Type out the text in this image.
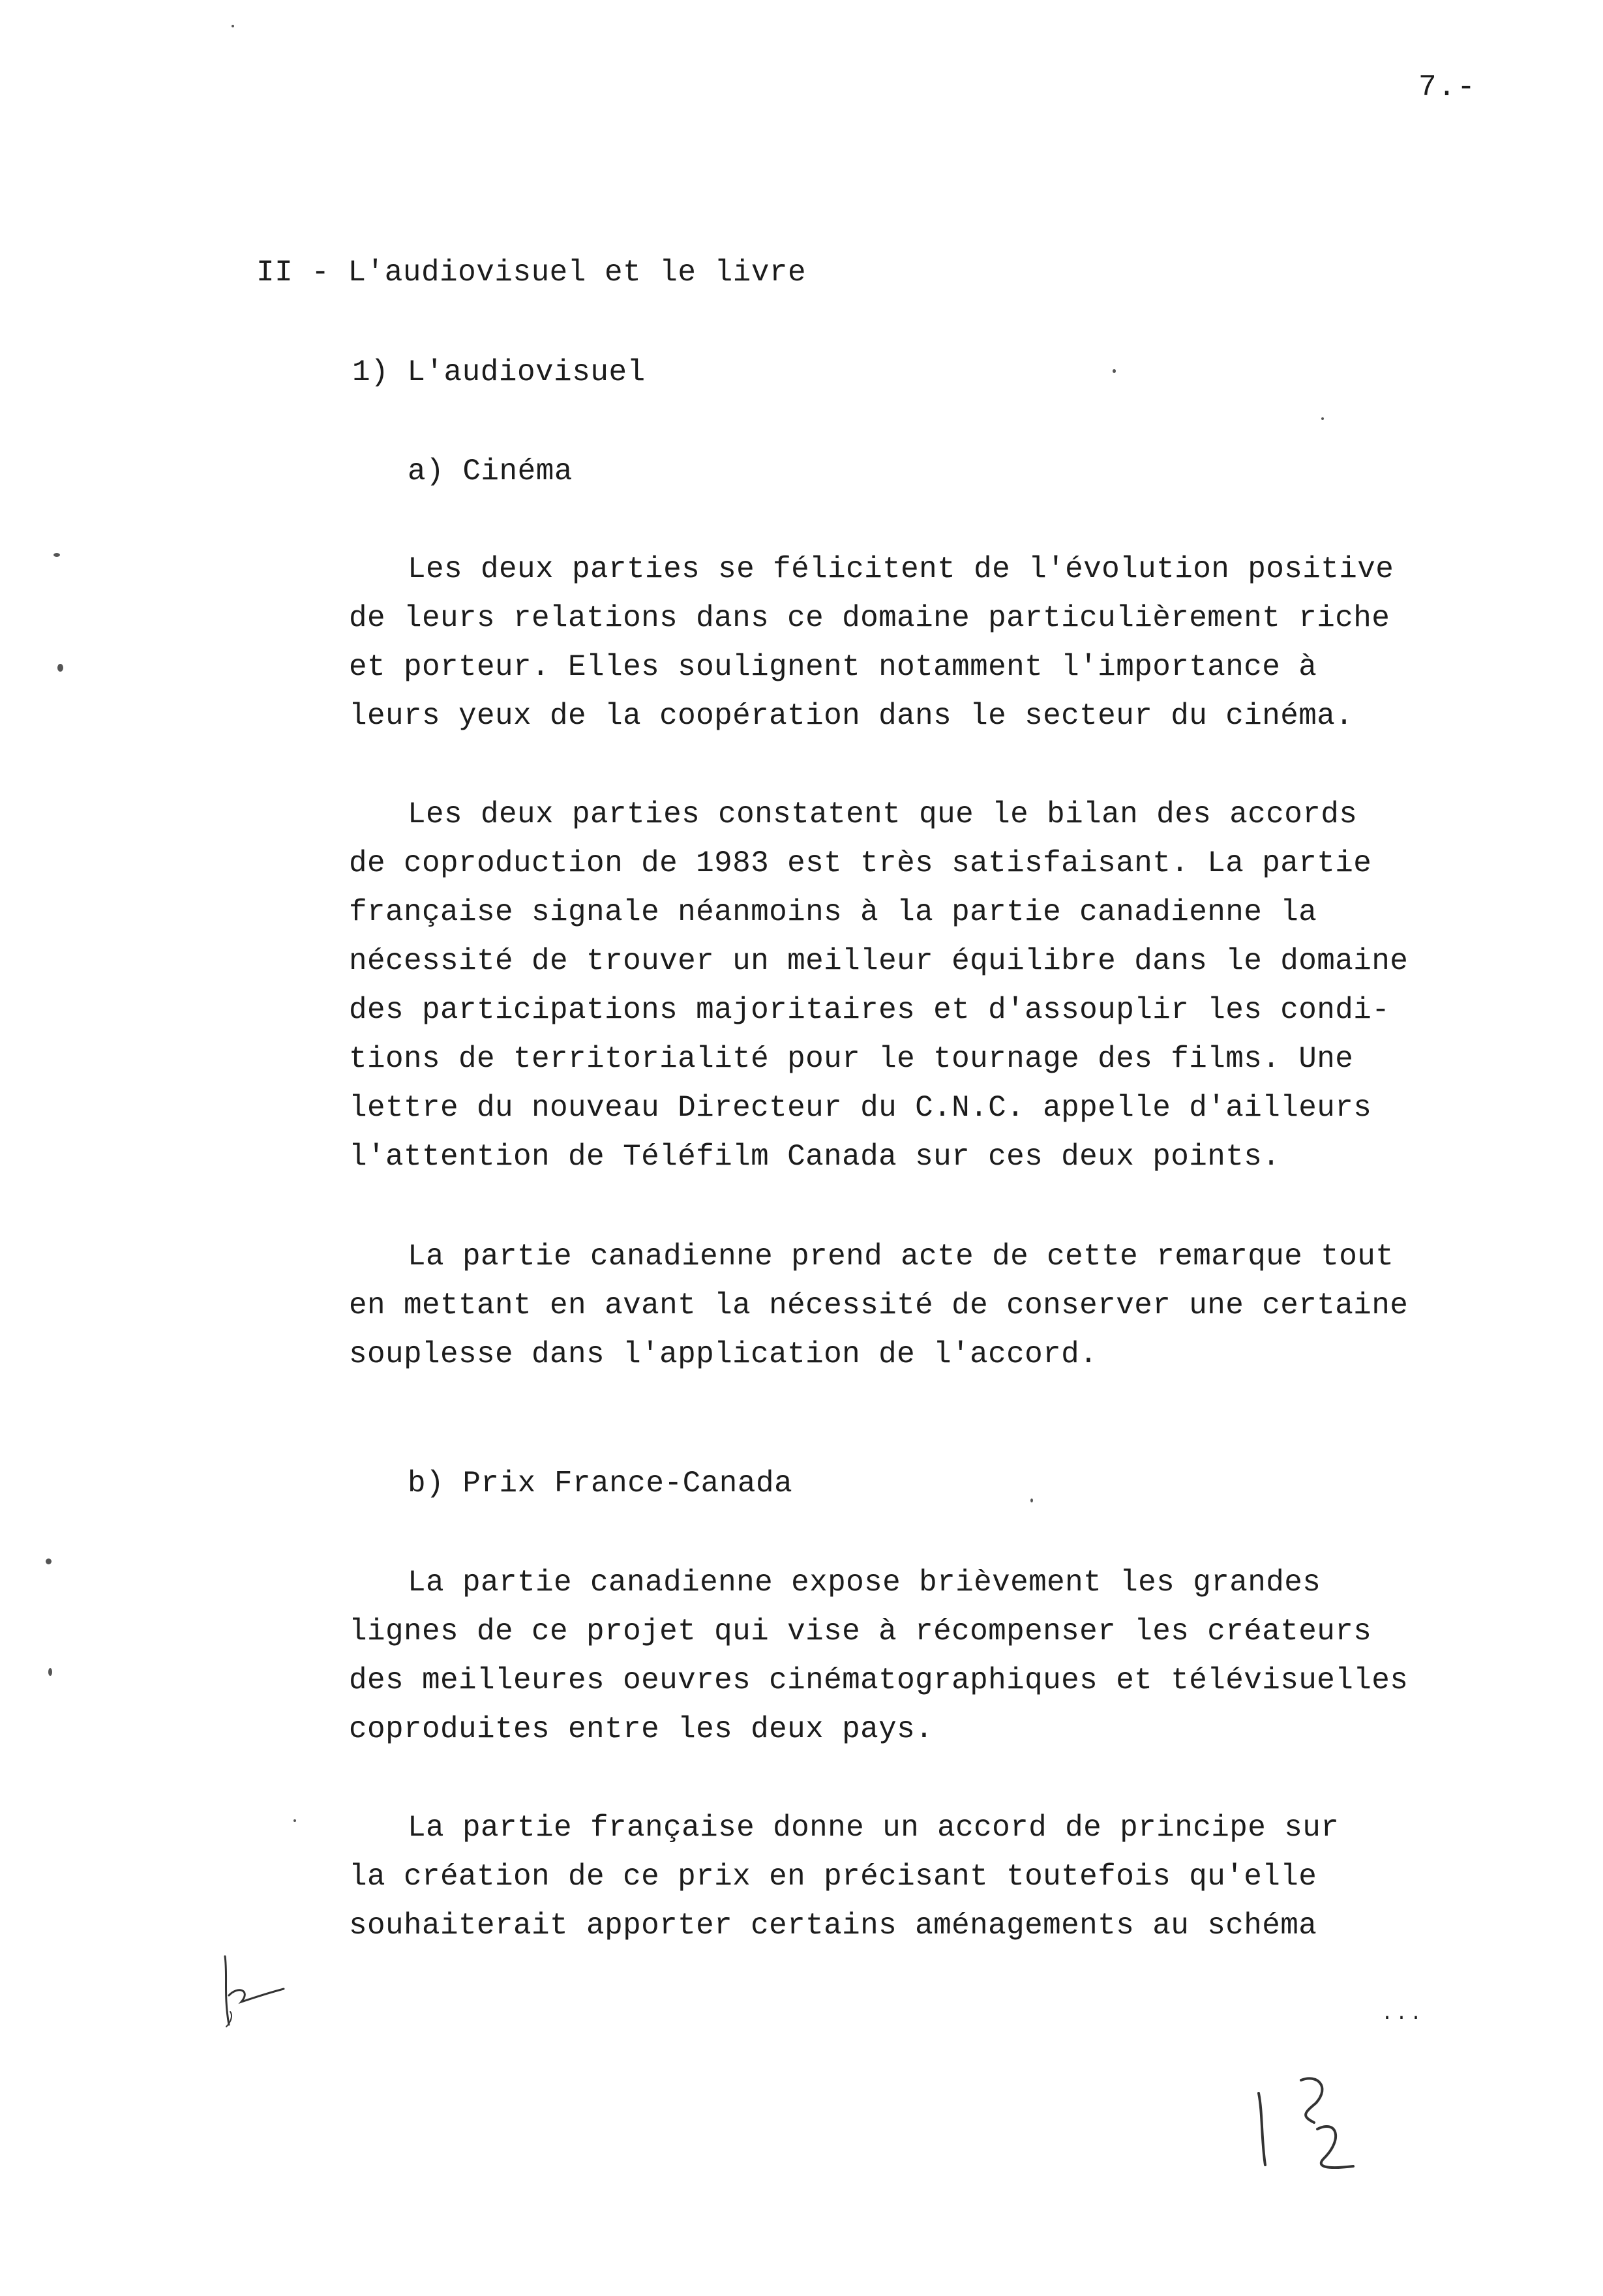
7.-
II - L'audiovisuel et le livre
1) L'audiovisuel
a) Cinéma

Les deux parties se félicitent de l'évolution positive
de leurs relations dans ce domaine particulièrement riche
et porteur. Elles soulignent notamment l'importance à
leurs yeux de la coopération dans le secteur du cinéma.

Les deux parties constatent que le bilan des accords
de coproduction de 1983 est très satisfaisant. La partie
française signale néanmoins à la partie canadienne la
nécessité de trouver un meilleur équilibre dans le domaine
des participations majoritaires et d'assouplir les condi-
tions de territorialité pour le tournage des films. Une
lettre du nouveau Directeur du C.N.C. appelle d'ailleurs
l'attention de Téléfilm Canada sur ces deux points.

La partie canadienne prend acte de cette remarque tout
en mettant en avant la nécessité de conserver une certaine
souplesse dans l'application de l'accord.

b) Prix France-Canada

La partie canadienne expose brièvement les grandes
lignes de ce projet qui vise à récompenser les créateurs
des meilleures oeuvres cinématographiques et télévisuelles
coproduites entre les deux pays.

La partie française donne un accord de principe sur
la création de ce prix en précisant toutefois qu'elle
souhaiterait apporter certains aménagements au schéma

...
